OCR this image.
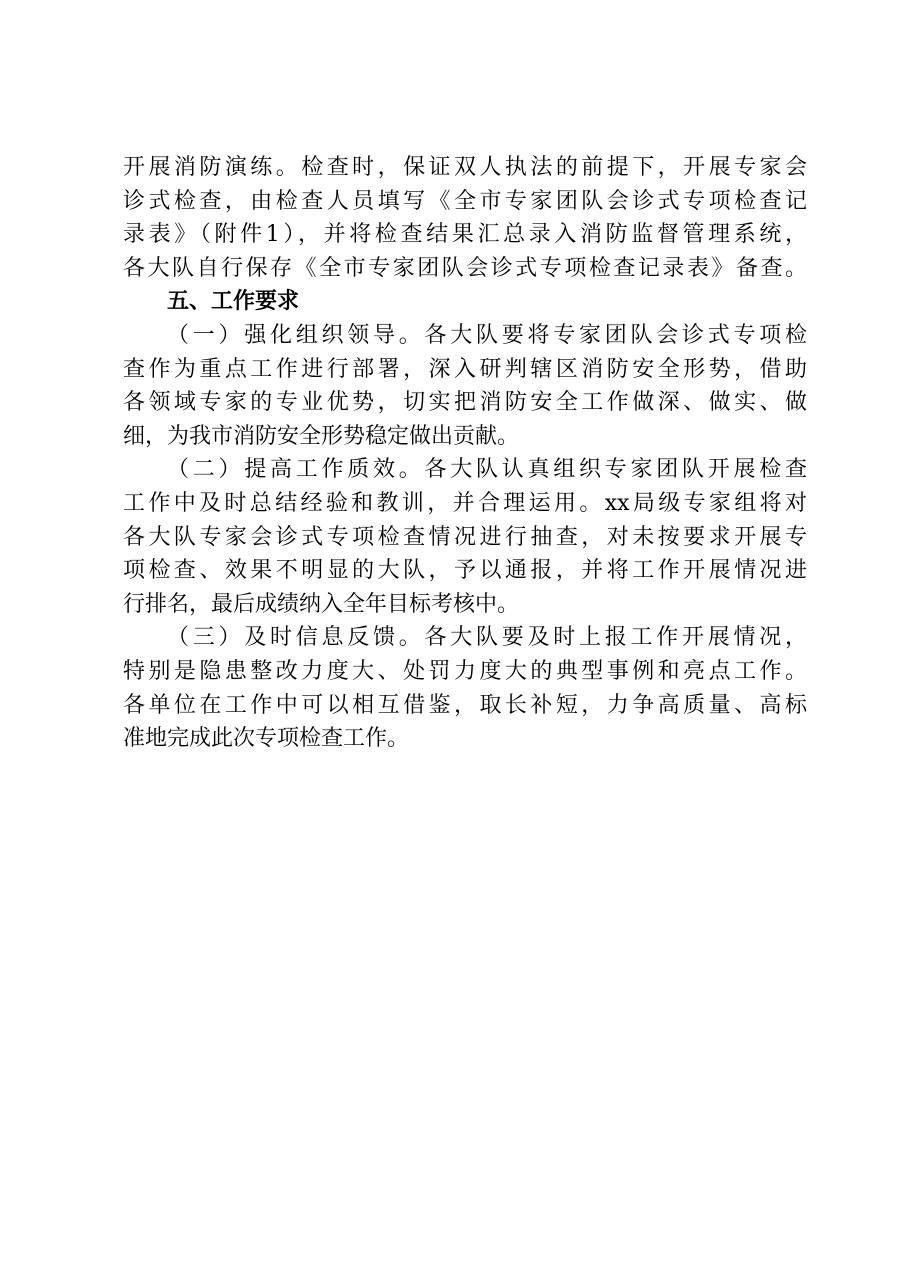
开展消防演练。检查时，保证双人执法的前提下，开展专家会
诊式检查，由检查人员填写《全市专家团队会诊式专项检查记
录表》（附件1），并将检查结果汇总录入消防监督管理系统，
各大队自行保存《全市专家团队会诊式专项检查记录表》备查。
五、工作要求
（一）强化组织领导。各大队要将专家团队会诊式专项检
查作为重点工作进行部署，深入研判辖区消防安全形势，借助
各领域专家的专业优势，切实把消防安全工作做深、做实、做
细，为我市消防安全形势稳定做出贡献。
（二）提高工作质效。各大队认真组织专家团队开展检查
工作中及时总结经验和教训，并合理运用。xx局级专家组将对
各大队专家会诊式专项检查情况进行抽查，对未按要求开展专
项检查、效果不明显的大队，予以通报，并将工作开展情况进
行排名，最后成绩纳入全年目标考核中。
（三）及时信息反馈。各大队要及时上报工作开展情况，
特别是隐患整改力度大、处罚力度大的典型事例和亮点工作。
各单位在工作中可以相互借鉴，取长补短，力争高质量、高标
准地完成此次专项检查工作。
